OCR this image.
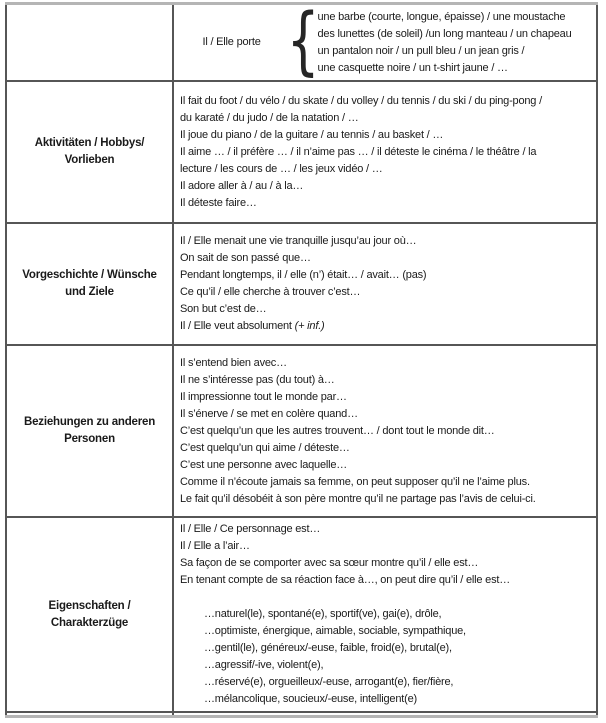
Il / Elle porte {
une barbe (courte, longue, épaisse) / une moustache
des lunettes (de soleil) /un long manteau / un chapeau
un pantalon noir / un pull bleu / un jean gris /
une casquette noire / un t-shirt jaune / …
Aktivitäten / Hobbys/
Vorlieben
Il fait du foot / du vélo / du skate / du volley / du tennis / du ski / du ping-pong /
du karaté / du judo / de la natation / …
Il joue du piano / de la guitare / au tennis / au basket / …
Il aime … / il préfère … / il n’aime pas … / il déteste le cinéma / le théâtre / la
lecture / les cours de … / les jeux vidéo / …
Il adore aller à / au / à la…
Il déteste faire…
Vorgeschichte / Wünsche
und Ziele
Il / Elle menait une vie tranquille jusqu’au jour où…
On sait de son passé que…
Pendant longtemps, il / elle (n’) était… / avait… (pas)
Ce qu’il / elle cherche à trouver c’est…
Son but c’est de…
Il / Elle veut absolument (+ inf.)
Beziehungen zu anderen
Personen
Il s’entend bien avec…
Il ne s’intéresse pas (du tout) à…
Il impressionne tout le monde par…
Il s’énerve / se met en colère quand…
C’est quelqu’un que les autres trouvent… / dont tout le monde dit…
C’est quelqu’un qui aime / déteste…
C’est une personne avec laquelle…
Comme il n’écoute jamais sa femme, on peut supposer qu’il ne l’aime plus.
Le fait qu’il désobéit à son père montre qu’il ne partage pas l’avis de celui-ci.
Eigenschaften /
Charakterzüge
Il / Elle / Ce personnage est…
Il / Elle a l’air…
Sa façon de se comporter avec sa sœur montre qu’il / elle est…
En tenant compte de sa réaction face à…, on peut dire qu’il / elle est…
…naturel(le), spontané(e), sportif(ve), gai(e), drôle,
…optimiste, énergique, aimable, sociable, sympathique,
…gentil(le), généreux/-euse, faible, froid(e), brutal(e),
…agressif/-ive, violent(e),
…réservé(e), orgueilleux/-euse, arrogant(e), fier/fière,
…mélancolique, soucieux/-euse, intelligent(e)
